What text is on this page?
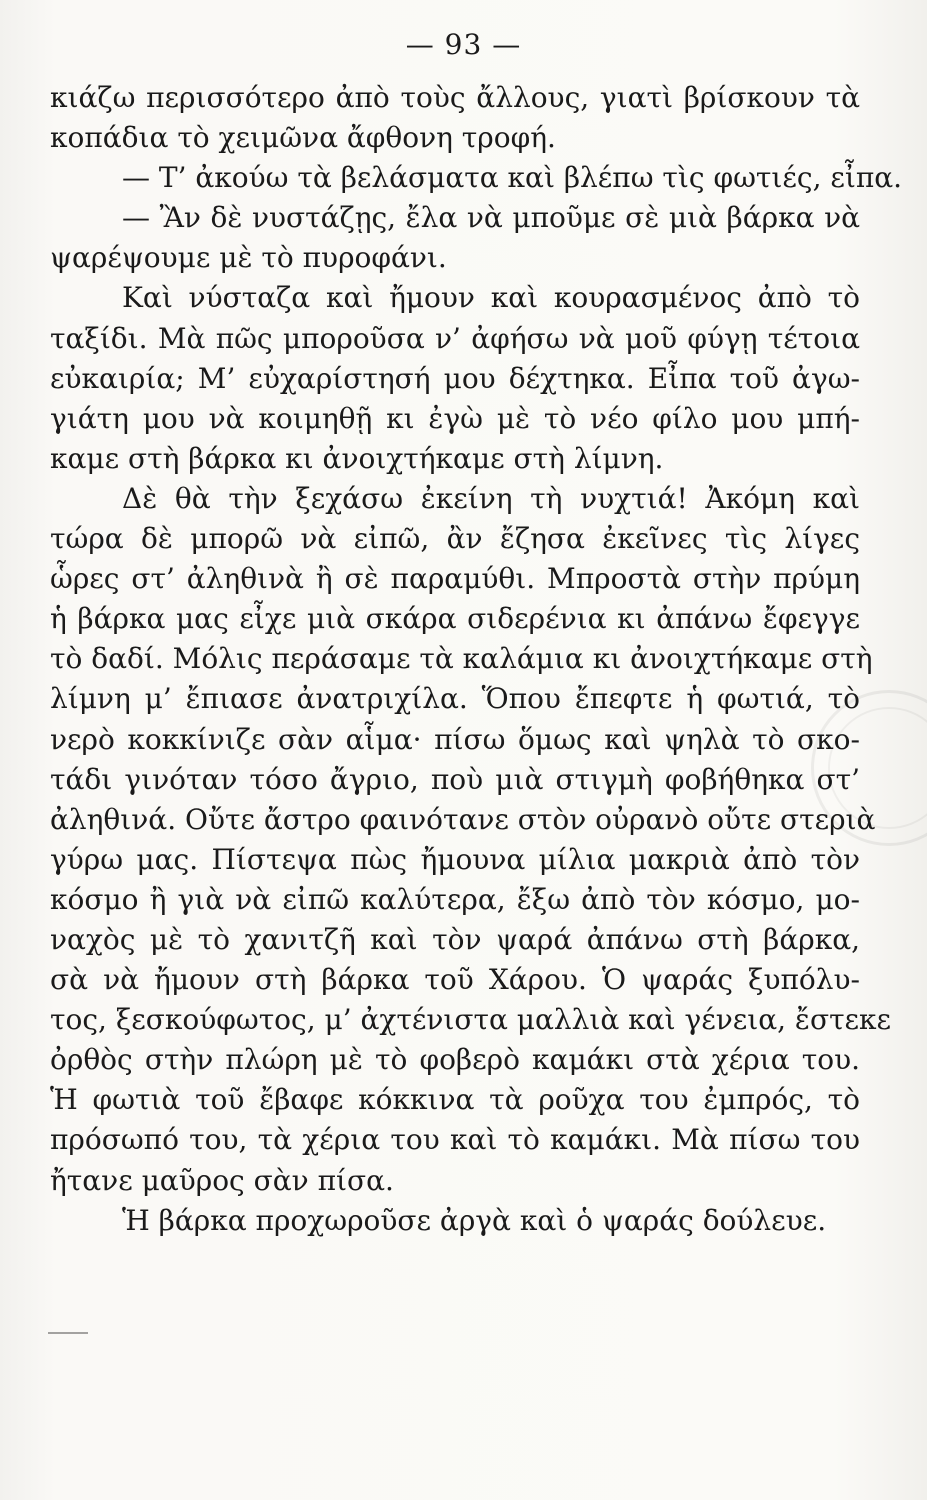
— 93 —
κιάζω περισσότερο ἀπὸ τοὺς ἄλλους, γιατὶ βρίσκουν τὰ
κοπάδια τὸ χειμῶνα ἄφθονη τροφή.
— Τ’ ἀκούω τὰ βελάσματα καὶ βλέπω τὶς φωτιές, εἶπα.
— Ἂν δὲ νυστάζῃς, ἔλα νὰ μποῦμε σὲ μιὰ βάρκα νὰ
ψαρέψουμε μὲ τὸ πυροφάνι.
Καὶ νύσταζα καὶ ἤμουν καὶ κουρασμένος ἀπὸ τὸ
ταξίδι. Μὰ πῶς μποροῦσα ν’ ἀφήσω νὰ μοῦ φύγῃ τέτοια
εὐκαιρία; Μ’ εὐχαρίστησή μου δέχτηκα. Εἶπα τοῦ ἀγω-
γιάτη μου νὰ κοιμηθῇ κι ἐγὼ μὲ τὸ νέο φίλο μου μπή-
καμε στὴ βάρκα κι ἀνοιχτήκαμε στὴ λίμνη.
Δὲ θὰ τὴν ξεχάσω ἐκείνη τὴ νυχτιά! Ἀκόμη καὶ
τώρα δὲ μπορῶ νὰ εἰπῶ, ἂν ἔζησα ἐκεῖνες τὶς λίγες
ὧρες στ’ ἀληθινὰ ἢ σὲ παραμύθι. Μπροστὰ στὴν πρύμη
ἡ βάρκα μας εἶχε μιὰ σκάρα σιδερένια κι ἀπάνω ἔφεγγε
τὸ δαδί. Μόλις περάσαμε τὰ καλάμια κι ἀνοιχτήκαμε στὴ
λίμνη μ’ ἔπιασε ἀνατριχίλα. Ὅπου ἔπεφτε ἡ φωτιά, τὸ
νερὸ κοκκίνιζε σὰν αἷμα· πίσω ὅμως καὶ ψηλὰ τὸ σκο-
τάδι γινόταν τόσο ἄγριο, ποὺ μιὰ στιγμὴ φοβήθηκα στ’
ἀληθινά. Οὔτε ἄστρο φαινότανε στὸν οὐρανὸ οὔτε στεριὰ
γύρω μας. Πίστεψα πὼς ἤμουνα μίλια μακριὰ ἀπὸ τὸν
κόσμο ἢ γιὰ νὰ εἰπῶ καλύτερα, ἔξω ἀπὸ τὸν κόσμο, μο-
ναχὸς μὲ τὸ χανιτζῆ καὶ τὸν ψαρά ἀπάνω στὴ βάρκα,
σὰ νὰ ἤμουν στὴ βάρκα τοῦ Χάρου. Ὁ ψαράς ξυπόλυ-
τος, ξεσκούφωτος, μ’ ἀχτένιστα μαλλιὰ καὶ γένεια, ἔστεκε
ὀρθὸς στὴν πλώρη μὲ τὸ φοβερὸ καμάκι στὰ χέρια του.
Ἡ φωτιὰ τοῦ ἔβαφε κόκκινα τὰ ροῦχα του ἐμπρός, τὸ
πρόσωπό του, τὰ χέρια του καὶ τὸ καμάκι. Μὰ πίσω του
ἤτανε μαῦρος σὰν πίσα.
Ἡ βάρκα προχωροῦσε ἀργὰ καὶ ὁ ψαράς δούλευε.
